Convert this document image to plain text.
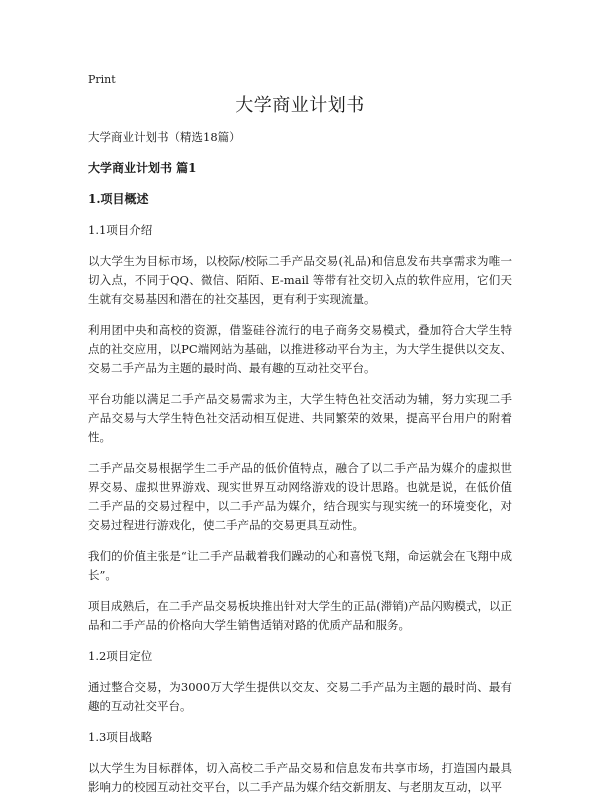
Print
大学商业计划书

大学商业计划书（精选18篇）

大学商业计划书 篇1

1.项目概述

1.1项目介绍

以大学生为目标市场，以校际/校际二手产品交易(礼品)和信息发布共享需求为唯一切入点，不同于QQ、微信、陌陌、E-mail 等带有社交切入点的软件应用，它们天生就有交易基因和潜在的社交基因，更有利于实现流量。

利用团中央和高校的资源，借鉴硅谷流行的电子商务交易模式，叠加符合大学生特点的社交应用，以PC端网站为基础，以推进移动平台为主，为大学生提供以交友、交易二手产品为主题的最时尚、最有趣的互动社交平台。

平台功能以满足二手产品交易需求为主，大学生特色社交活动为辅，努力实现二手产品交易与大学生特色社交活动相互促进、共同繁荣的效果，提高平台用户的附着性。

二手产品交易根据学生二手产品的低价值特点，融合了以二手产品为媒介的虚拟世界交易、虚拟世界游戏、现实世界互动网络游戏的设计思路。也就是说，在低价值二手产品的交易过程中，以二手产品为媒介，结合现实与现实统一的环境变化，对交易过程进行游戏化，使二手产品的交易更具互动性。

我们的价值主张是“让二手产品載着我们躁动的心和喜悦飞翔，命运就会在飞翔中成长”。

项目成熟后，在二手产品交易板块推出针对大学生的正品(滞销)产品闪购模式，以正品和二手产品的价格向大学生销售适销对路的优质产品和服务。

1.2项目定位

通过整合交易，为3000万大学生提供以交友、交易二手产品为主题的最时尚、最有趣的互动社交平台。

1.3项目战略

以大学生为目标群体，切入高校二手产品交易和信息发布共享市场，打造国内最具影响力的校园互动社交平台，以二手产品为媒介结交新朋友、与老朋友互动，以平
